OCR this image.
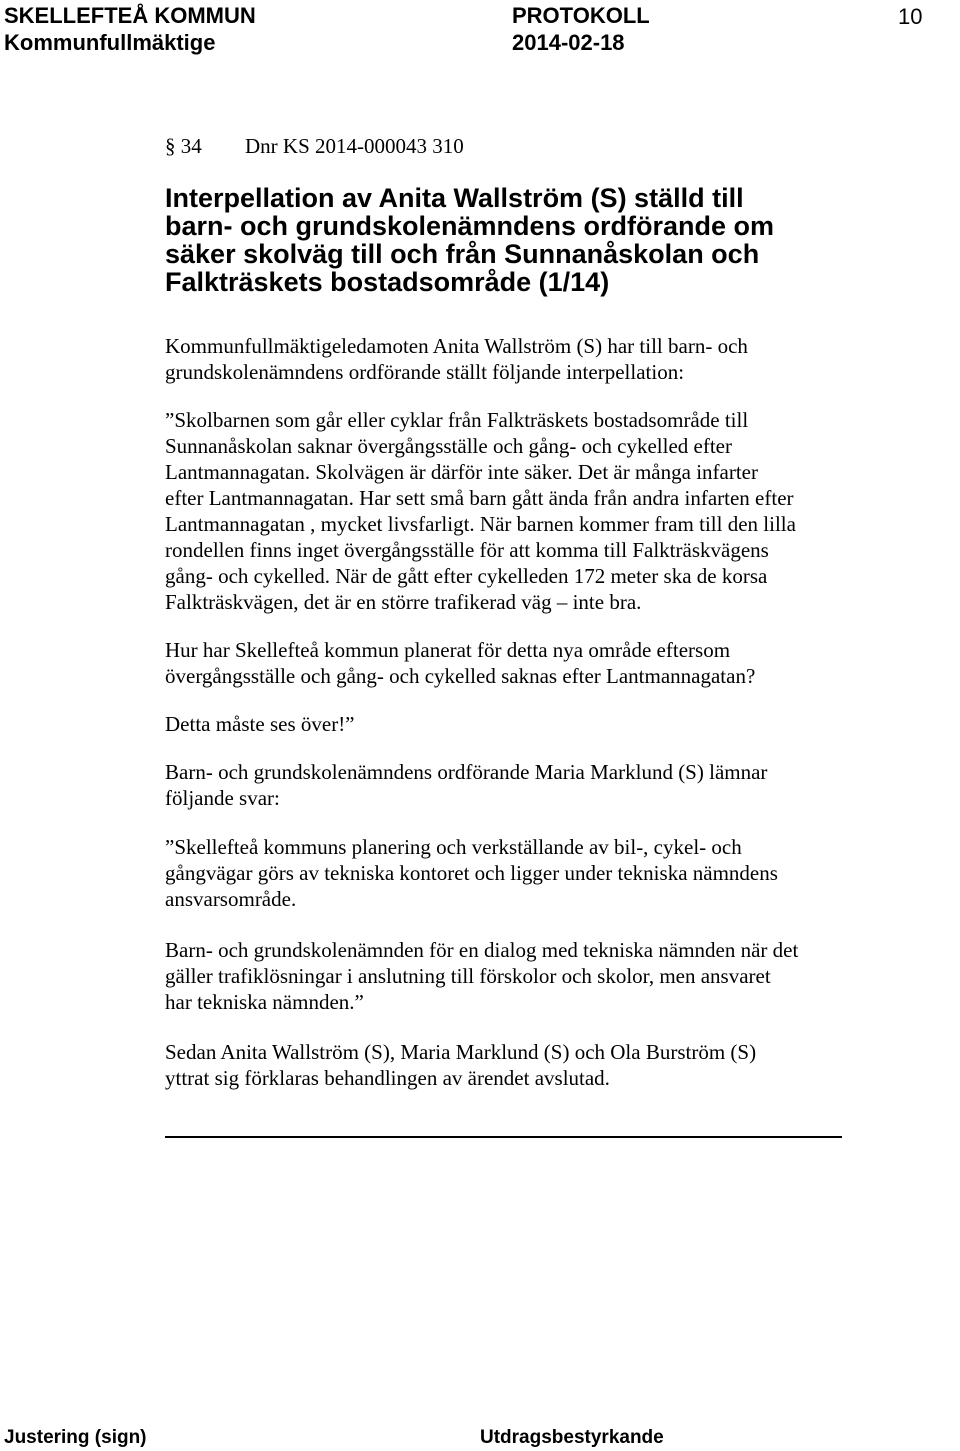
SKELLEFTEÅ KOMMUN
Kommunfullmäktige
PROTOKOLL
2014-02-18
10
§ 34 Dnr KS 2014-000043 310
Interpellation av Anita Wallström (S) ställd till
barn- och grundskolenämndens ordförande om
säker skolväg till och från Sunnanåskolan och
Falkträskets bostadsområde (1/14)

Kommunfullmäktigeledamoten Anita Wallström (S) har till barn- och
grundskolenämndens ordförande ställt följande interpellation:

”Skolbarnen som går eller cyklar från Falkträskets bostadsområde till
Sunnanåskolan saknar övergångsställe och gång- och cykelled efter
Lantmannagatan. Skolvägen är därför inte säker. Det är många infarter
efter Lantmannagatan. Har sett små barn gått ända från andra infarten efter
Lantmannagatan , mycket livsfarligt. När barnen kommer fram till den lilla
rondellen finns inget övergångsställe för att komma till Falkträskvägens
gång- och cykelled. När de gått efter cykelleden 172 meter ska de korsa
Falkträskvägen, det är en större trafikerad väg – inte bra.

Hur har Skellefteå kommun planerat för detta nya område eftersom
övergångsställe och gång- och cykelled saknas efter Lantmannagatan?

Detta måste ses över!”

Barn- och grundskolenämndens ordförande Maria Marklund (S) lämnar
följande svar:

”Skellefteå kommuns planering och verkställande av bil-, cykel- och
gångvägar görs av tekniska kontoret och ligger under tekniska nämndens
ansvarsområde.

Barn- och grundskolenämnden för en dialog med tekniska nämnden när det
gäller trafiklösningar i anslutning till förskolor och skolor, men ansvaret
har tekniska nämnden.”

Sedan Anita Wallström (S), Maria Marklund (S) och Ola Burström (S)
yttrat sig förklaras behandlingen av ärendet avslutad.

Justering (sign)	Utdragsbestyrkande
